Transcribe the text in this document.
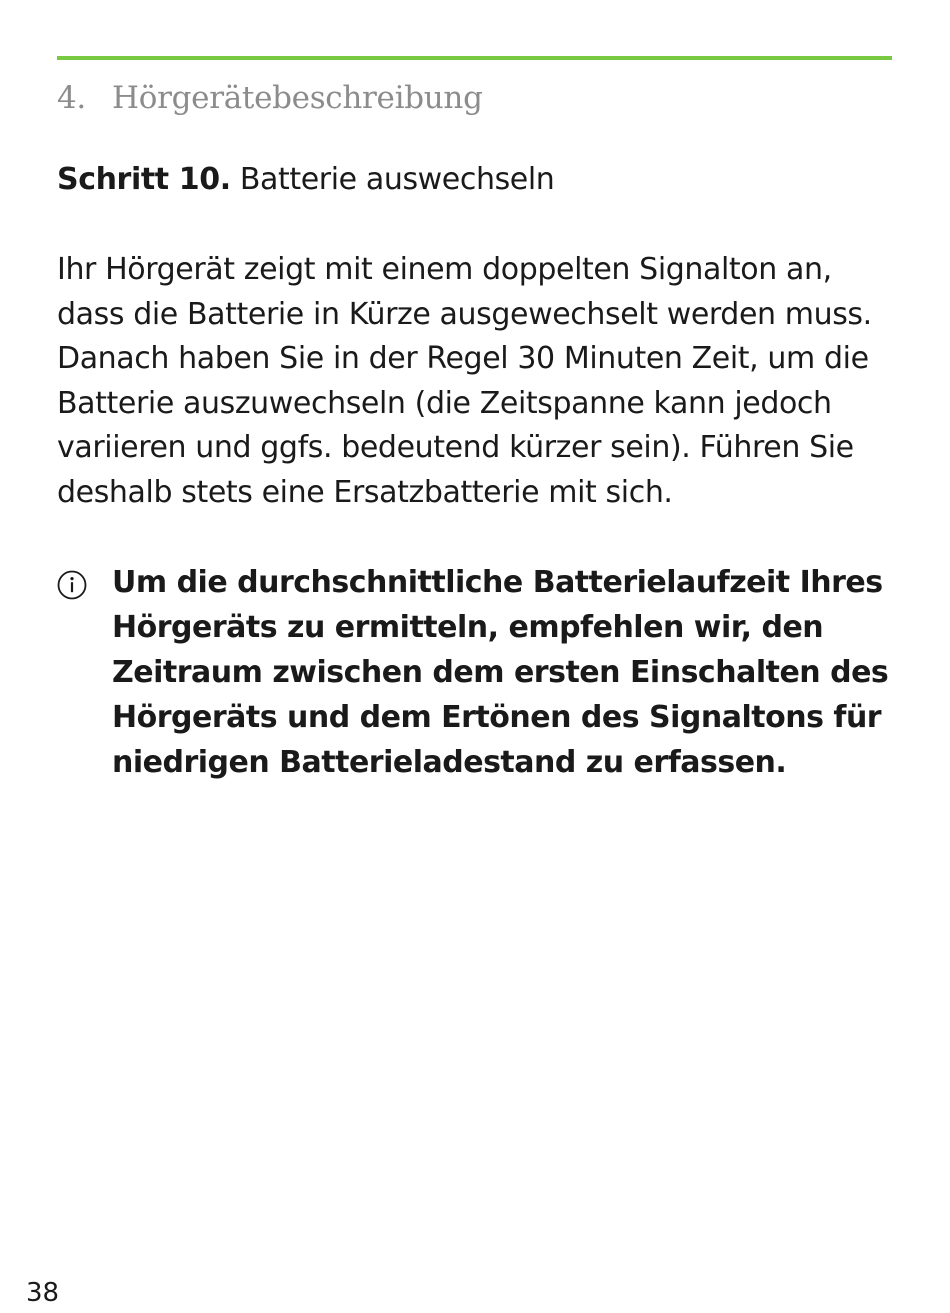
4. Hörgerätebeschreibung
Schritt 10. Batterie auswechseln

Ihr Hörgerät zeigt mit einem doppelten Signalton an,
dass die Batterie in Kürze ausgewechselt werden muss.
Danach haben Sie in der Regel 30 Minuten Zeit, um die
Batterie auszuwechseln (die Zeitspanne kann jedoch
variieren und ggfs. bedeutend kürzer sein). Führen Sie
deshalb stets eine Ersatzbatterie mit sich.

Um die durchschnittliche Batterielaufzeit Ihres
Hörgeräts zu ermitteln, empfehlen wir, den
Zeitraum zwischen dem ersten Einschalten des
Hörgeräts und dem Ertönen des Signaltons für
niedrigen Batterieladestand zu erfassen.
38
